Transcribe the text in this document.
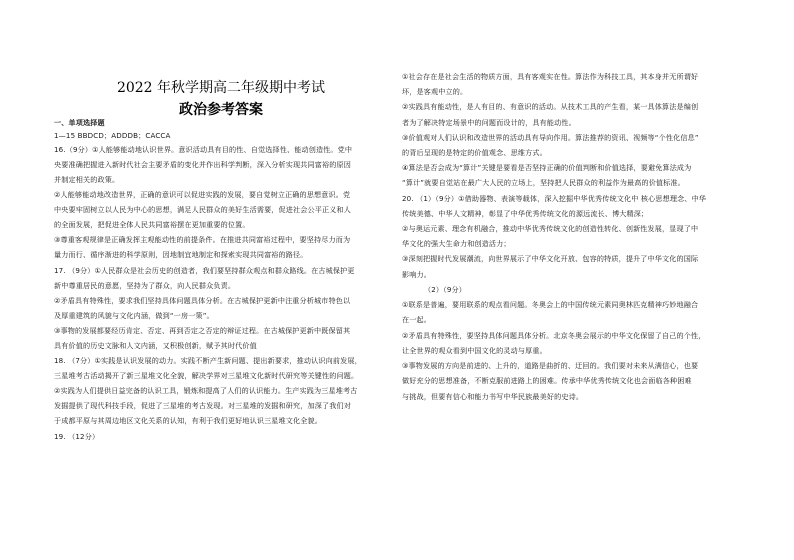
2022 年秋学期高二年级期中考试
政治参考答案
一、单项选择题
1—15 BBDCD；ADDDB；CACCA
16.（9分）①人能够能动地认识世界。意识活动具有目的性、自觉选择性、能动创造性。党中
央要准确把握进入新时代社会主要矛盾的变化并作出科学判断，深入分析实现共同富裕的原因
并制定相关的政策。
②人能够能动地改造世界，正确的意识可以促进实践的发展，要自觉树立正确的思想意识。党
中央要牢固树立以人民为中心的思想，满足人民群众的美好生活需要，促进社会公平正义和人
的全面发展，把促进全体人民共同富裕摆在更加重要的位置。
③尊重客观规律是正确发挥主观能动性的前提条件。在推进共同富裕过程中，要坚持尽力而为
量力而行、循序渐进的科学原则，因地制宜地制定和探索实现共同富裕的路径。
17. （9分）①人民群众是社会历史的创造者，我们要坚持群众观点和群众路线。在古城保护更
新中尊重居民的意愿，坚持为了群众，向人民群众负责。
②矛盾具有特殊性，要求我们坚持具体问题具体分析。在古城保护更新中注重分析城市特色以
及厚重建筑的风貌与文化内涵，做到“一房一策”。
③事物的发展都要经历肯定、否定、再到否定之否定的辩证过程。在古城保护更新中既保留其
具有价值的历史文脉和人文内涵，又积极创新，赋予其时代价值
18. （7分）①实践是认识发展的动力。实践不断产生新问题、提出新要求，推动认识向前发展，
三星堆考古活动揭开了新三星堆文化全貌，解决学界对三星堆文化新时代研究等关键性的问题。
②实践为人们提供日益完备的认识工具，锻炼和提高了人们的认识能力。生产实践为三星堆考古
发掘提供了现代科技手段，促进了三星堆的考古发现。对三星堆的发掘和研究，加深了我们对
于成都平原与其周边地区文化关系的认知，有利于我们更好地认识三星堆文化全貌。
19. （12分）
①社会存在是社会生活的物质方面，具有客观实在性。算法作为科技工具，其本身并无所谓好
坏，是客观中立的。
②实践具有能动性，是人有目的、有意识的活动。从技术工具的产生看，某一具体算法是编创
者为了解决特定场景中的问题而设计的，具有能动性。
③价值观对人们认识和改造世界的活动具有导向作用。算法推荐的资讯、视频等“个性化信息”
的背后呈现的是特定的价值观念、思维方式。
④算法是否会成为“算计”关键是要看是否坚持正确的价值判断和价值选择，要避免算法成为
“算计”就要自觉站在最广大人民的立场上，坚持把人民群众的利益作为最高的价值标准。
20. （1）（9分）①借助器物、表演等载体，深入挖掘中华优秀传统文化中 核心思想理念、中华
传统美德、中华人文精神，彰显了中华优秀传统文化的源远流长、博大精深；
②与奥运元素、理念有机融合，推动中华优秀传统文化的创造性转化、创新性发展，显现了中
华文化的强大生命力和创造活力；
③深刻把握时代发展潮流，向世界展示了中华文化开放、包容的特质，提升了中华文化的国际
影响力。
（2）（9分）
①联系是普遍，要用联系的观点看问题。冬奥会上的中国传统元素同奥林匹克精神巧妙地融合
在一起。
②矛盾具有特殊性，要坚持具体问题具体分析。北京冬奥会展示的中华文化保留了自己的个性，
让全世界的观众看到中国文化的灵动与厚重。
③事物发展的方向是前进的、上升的，道路是曲折的、迂回的。我们要对未来从满信心，也要
做好充分的思想准备，不断克服前进路上的困难。传承中华优秀传统文化也会面临各种困难
与挑战，但要有信心和能力书写中华民族最美好的史诗。
